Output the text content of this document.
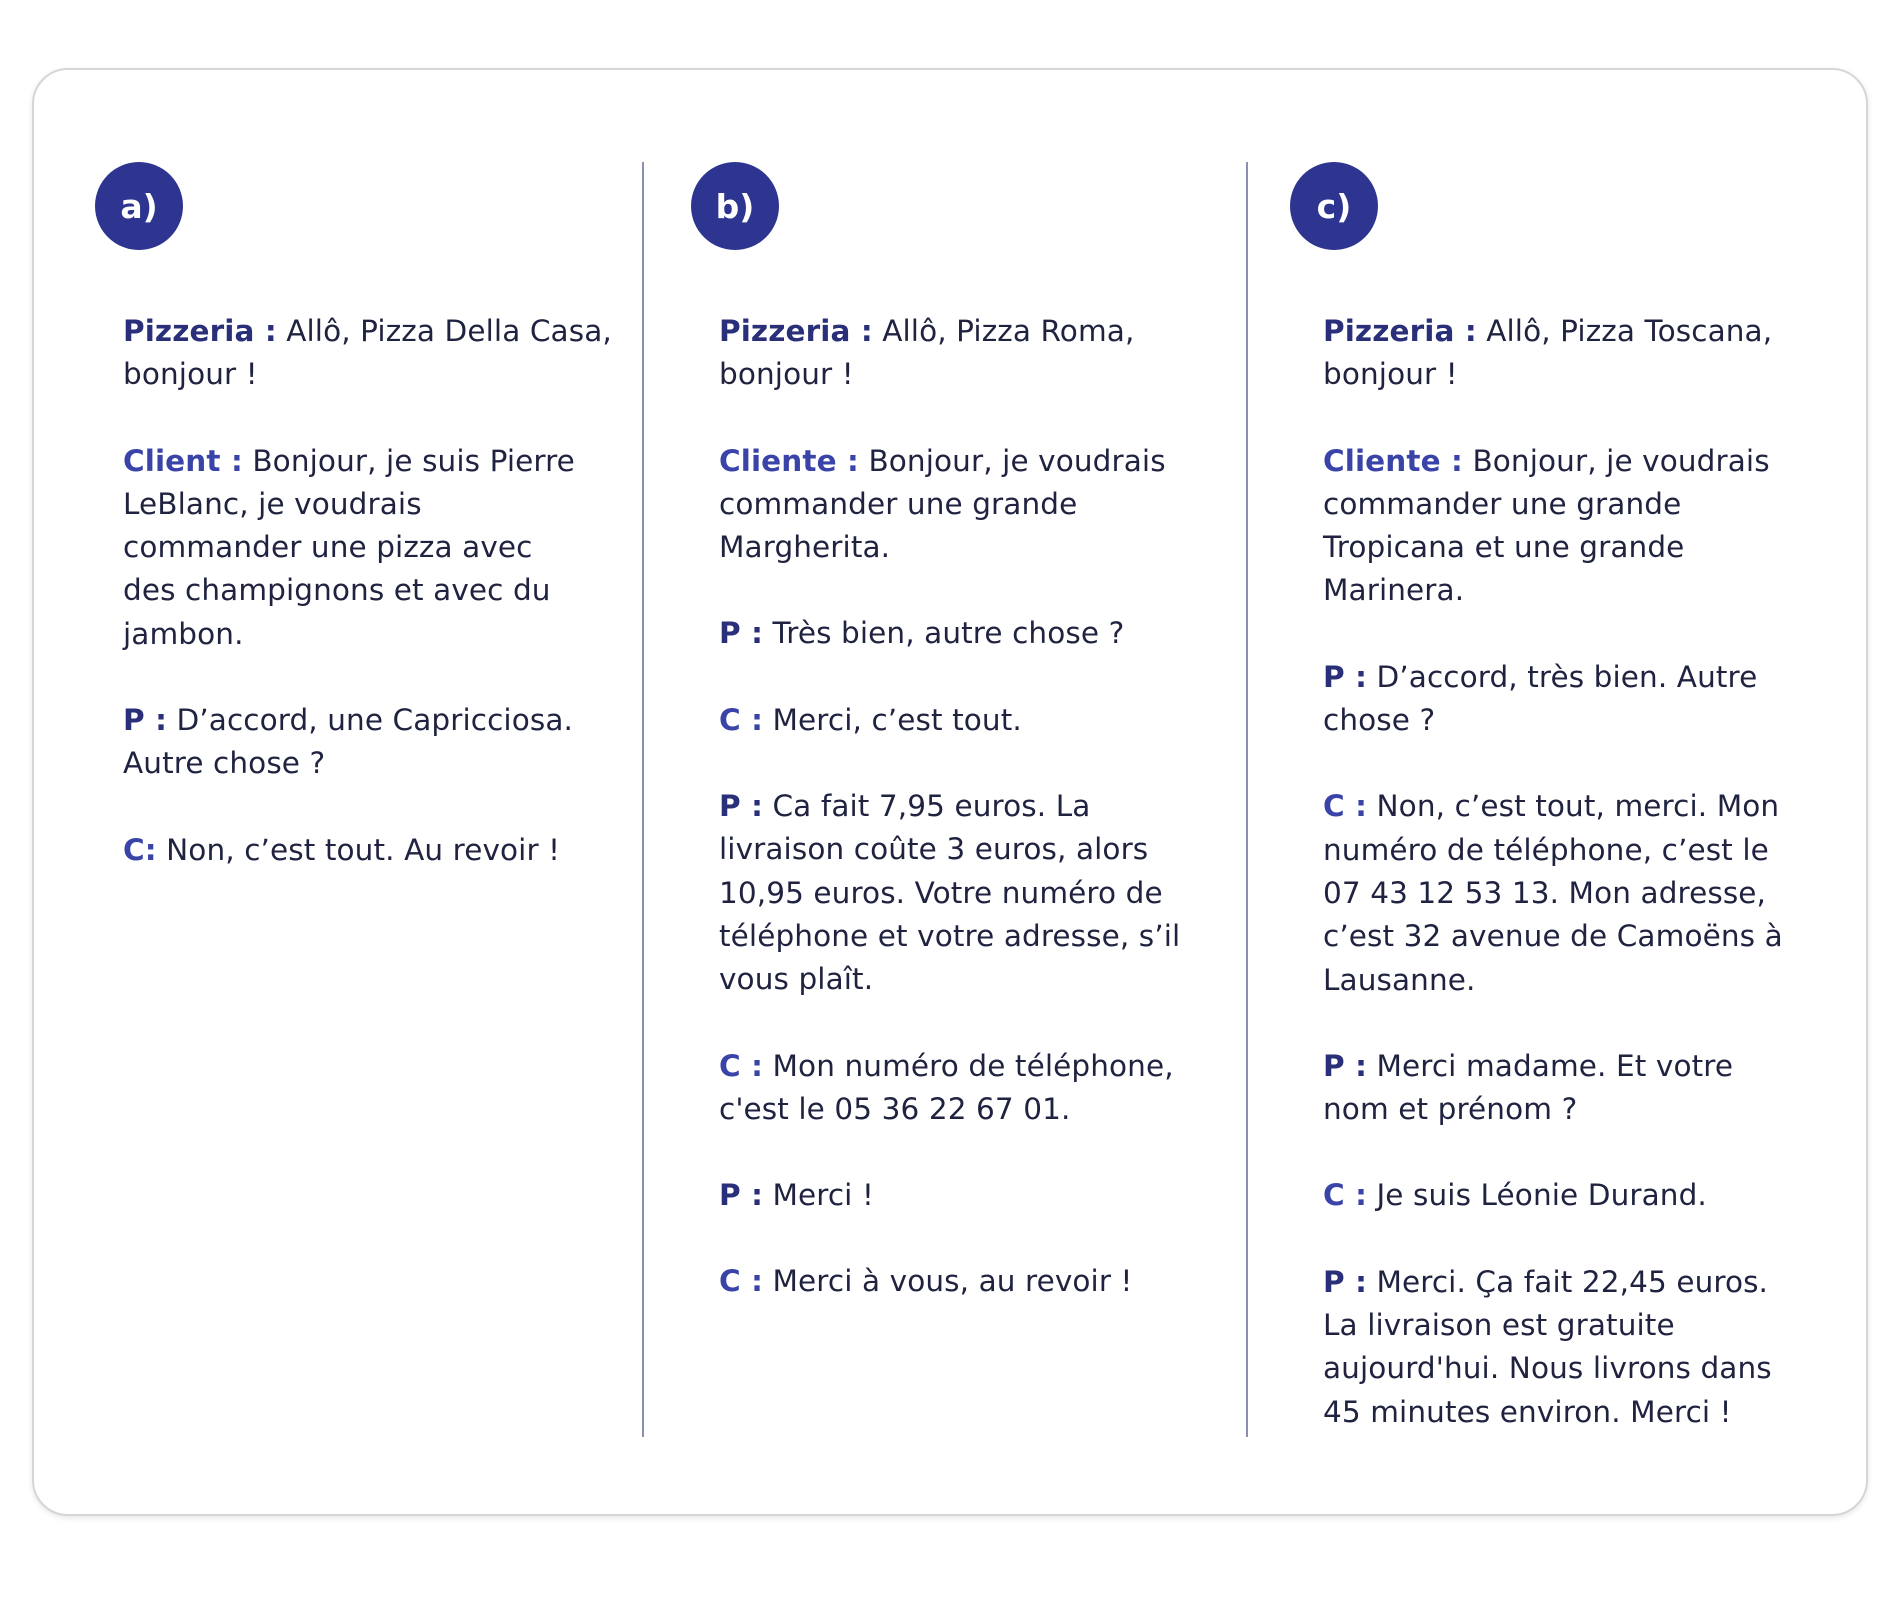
a)

Pizzeria : Allô, Pizza Della Casa, bonjour !

Client : Bonjour, je suis Pierre LeBlanc, je voudrais commander une pizza avec des champignons et avec du jambon.

P : D’accord, une Capricciosa. Autre chose ?

C: Non, c’est tout. Au revoir !

b)

Pizzeria : Allô, Pizza Roma, bonjour !

Cliente : Bonjour, je voudrais commander une grande Margherita.

P : Très bien, autre chose ?

C : Merci, c’est tout.

P : Ca fait 7,95 euros. La livraison coûte 3 euros, alors 10,95 euros. Votre numéro de téléphone et votre adresse, s’il vous plaît.

C : Mon numéro de téléphone, c'est le 05 36 22 67 01.

P : Merci !

C : Merci à vous, au revoir !

c)

Pizzeria : Allô, Pizza Toscana, bonjour !

Cliente : Bonjour, je voudrais commander une grande Tropicana et une grande Marinera.

P : D’accord, très bien. Autre chose ?

C : Non, c’est tout, merci. Mon numéro de téléphone, c’est le 07 43 12 53 13. Mon adresse, c’est 32 avenue de Camoëns à Lausanne.

P : Merci madame. Et votre nom et prénom ?

C : Je suis Léonie Durand.

P : Merci. Ça fait 22,45 euros. La livraison est gratuite aujourd'hui. Nous livrons dans 45 minutes environ. Merci !
